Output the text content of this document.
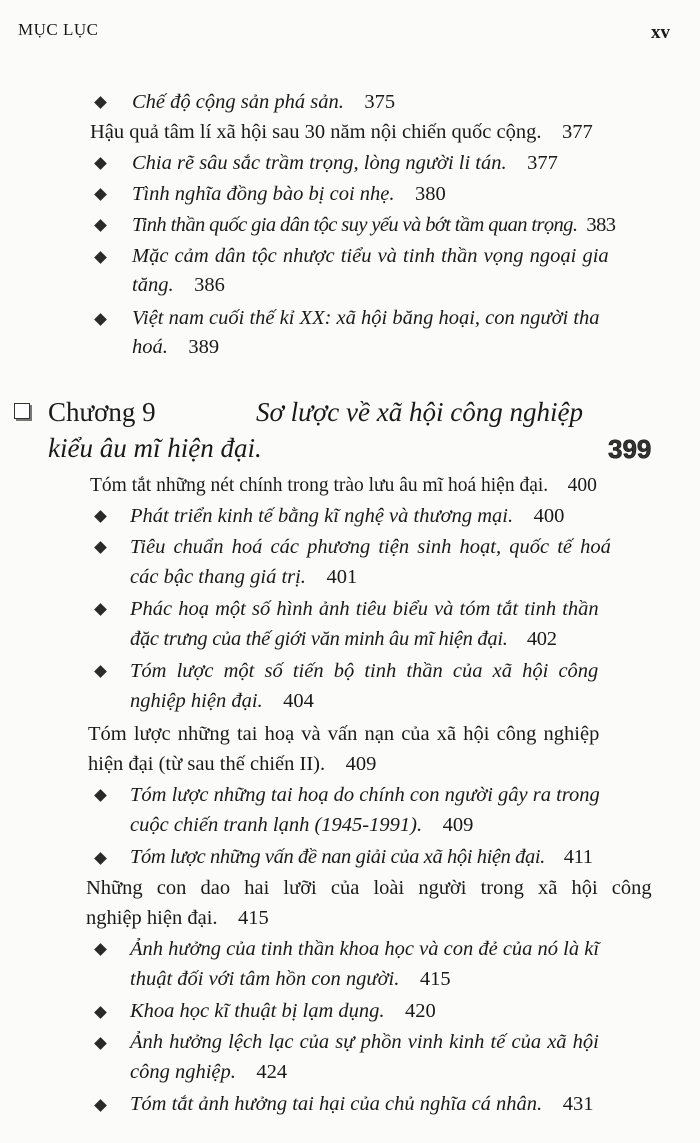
MỤC LỤC	xv
Chế độ cộng sản phá sản. 375
Hậu quả tâm lí xã hội sau 30 năm nội chiến quốc cộng. 377
Chia rẽ sâu sắc trầm trọng, lòng người li tán. 377
Tình nghĩa đồng bào bị coi nhẹ. 380
Tinh thần quốc gia dân tộc suy yếu và bớt tầm quan trọng. 383
Mặc cảm dân tộc nhược tiểu và tinh thần vọng ngoại gia
tăng. 386
Việt nam cuối thế kỉ XX: xã hội băng hoại, con người tha
hoá. 389
Chương 9	Sơ lược về xã hội công nghiệp
kiểu âu mĩ hiện đại.	399
Tóm tắt những nét chính trong trào lưu âu mĩ hoá hiện đại. 400
Phát triển kinh tế bằng kĩ nghệ và thương mại. 400
Tiêu chuẩn hoá các phương tiện sinh hoạt, quốc tế hoá
các bậc thang giá trị. 401
Phác hoạ một số hình ảnh tiêu biểu và tóm tắt tinh thần
đặc trưng của thế giới văn minh âu mĩ hiện đại. 402
Tóm lược một số tiến bộ tinh thần của xã hội công
nghiệp hiện đại. 404
Tóm lược những tai hoạ và vấn nạn của xã hội công nghiệp
hiện đại (từ sau thế chiến II). 409
Tóm lược những tai hoạ do chính con người gây ra trong
cuộc chiến tranh lạnh (1945-1991). 409
Tóm lược những vấn đề nan giải của xã hội hiện đại. 411
Những con dao hai lưỡi của loài người trong xã hội công
nghiệp hiện đại. 415
Ảnh hưởng của tinh thần khoa học và con đẻ của nó là kĩ
thuật đối với tâm hồn con người. 415
Khoa học kĩ thuật bị lạm dụng. 420
Ảnh hưởng lệch lạc của sự phồn vinh kinh tế của xã hội
công nghiệp. 424
Tóm tắt ảnh hưởng tai hại của chủ nghĩa cá nhân. 431
